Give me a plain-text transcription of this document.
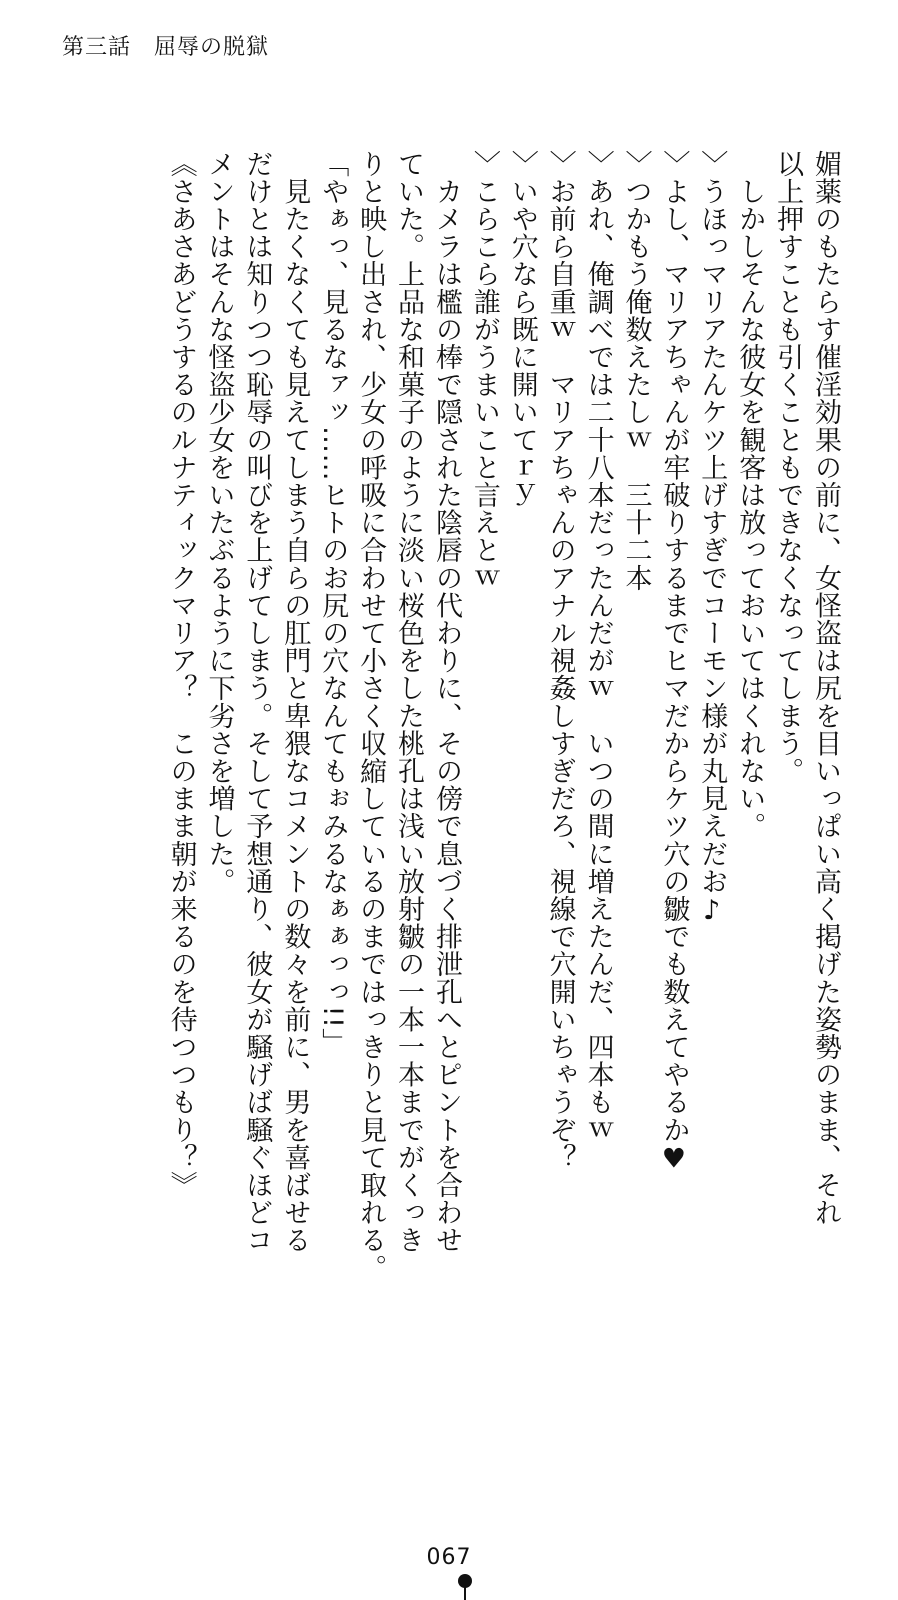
第三話　屈辱の脱獄

媚薬のもたらす催淫効果の前に、女怪盗は尻を目いっぱい高く掲げた姿勢のまま、それ

以上押すことも引くこともできなくなってしまう。

　しかしそんな彼女を観客は放っておいてはくれない。

〉うほっマリアたんケツ上げすぎでコーモン様が丸見えだお♪

〉よし、マリアちゃんが牢破りするまでヒマだからケツ穴の皺でも数えてやるか♥

〉つかもう俺数えたしｗ　三十二本

〉あれ、俺調べでは二十八本だったんだがｗ　いつの間に増えたんだ、四本もｗ

〉お前ら自重ｗ　マリアちゃんのアナル視姦しすぎだろ、視線で穴開いちゃうぞ？

〉いや穴なら既に開いてｒｙ

〉こらこら誰がうまいこと言えとｗ

　カメラは檻の棒で隠された陰唇の代わりに、その傍で息づく排泄孔へとピントを合わせ

ていた。上品な和菓子のように淡い桜色をした桃孔は浅い放射皺の一本一本までがくっき

りと映し出され、少女の呼吸に合わせて小さく収縮しているのまではっきりと見て取れる。

「やぁっ、見るなァッ……ヒトのお尻の穴なんてもぉみるなぁぁっっ!!」

　見たくなくても見えてしまう自らの肛門と卑猥なコメントの数々を前に、男を喜ばせる

だけとは知りつつ恥辱の叫びを上げてしまう。そして予想通り、彼女が騒げば騒ぐほどコ

メントはそんな怪盗少女をいたぶるように下劣さを増した。

《さあさあどうするのルナティックマリア？　このまま朝が来るのを待つつもり？》

067
